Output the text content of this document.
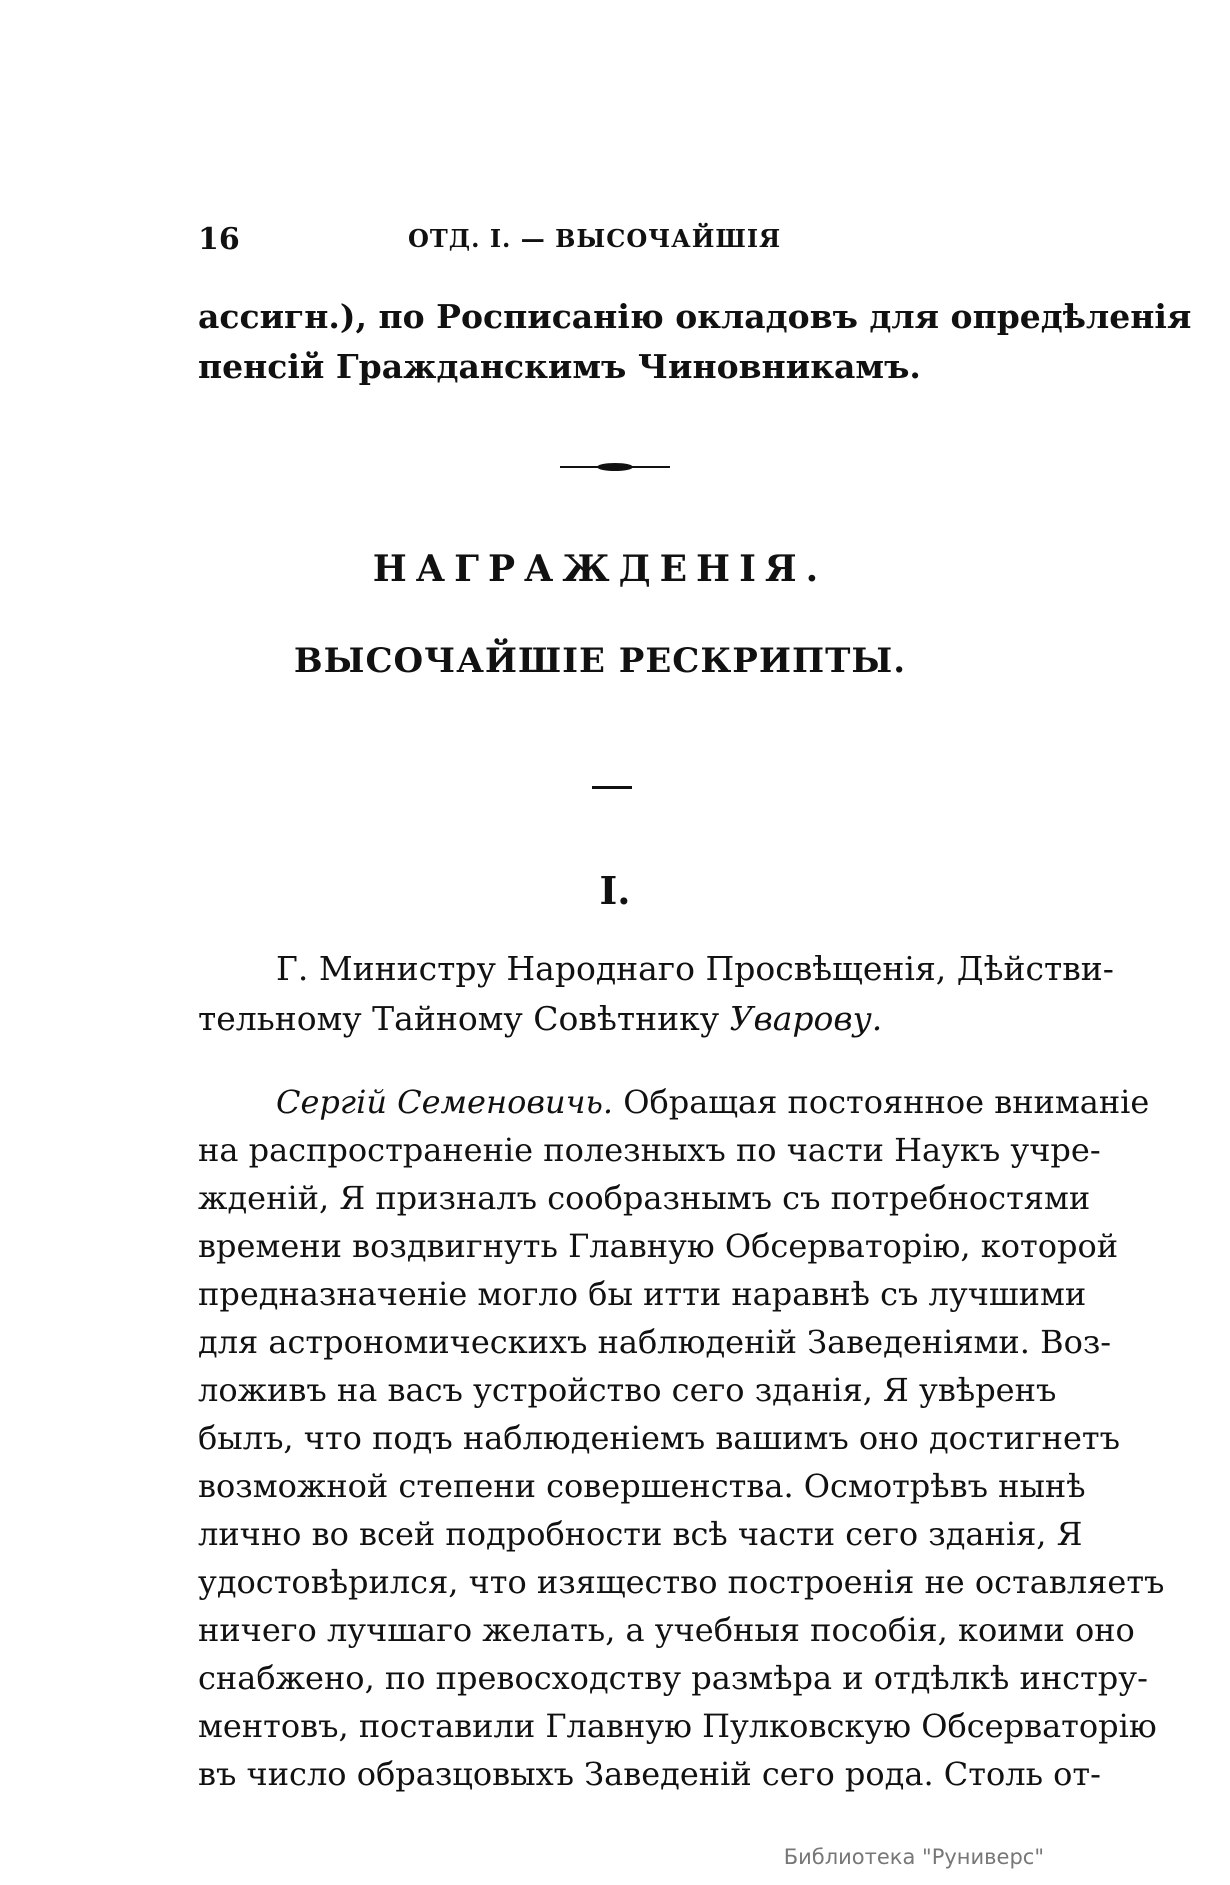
16	ОТД. I. — ВЫСОЧАЙШІЯ
ассигн.), по Росписанію окладовъ для опредѣленія
пенсій Гражданскимъ Чиновникамъ.
НАГРАЖДЕНІЯ.
ВЫСОЧАЙШІЕ РЕСКРИПТЫ.
I.
Г. Министру Народнаго Просвѣщенія, Дѣйстви-
тельному Тайному Совѣтнику Уварову.
Сергій Семеновичь. Обращая постоянное вниманіе
на распространеніе полезныхъ по части Наукъ учре-
жденій, Я призналъ сообразнымъ съ потребностями
времени воздвигнуть Главную Обсерваторію, которой
предназначеніе могло бы итти наравнѣ съ лучшими
для астрономическихъ наблюденій Заведеніями. Воз-
ложивъ на васъ устройство сего зданія, Я увѣренъ
былъ, что подъ наблюденіемъ вашимъ оно достигнетъ
возможной степени совершенства. Осмотрѣвъ нынѣ
лично во всей подробности всѣ части сего зданія, Я
удостовѣрился, что изящество построенія не оставляетъ
ничего лучшаго желать, а учебныя пособія, коими оно
снабжено, по превосходству размѣра и отдѣлкѣ инстру-
ментовъ, поставили Главную Пулковскую Обсерваторію
въ число образцовыхъ Заведеній сего рода. Столь от-
Библиотека "Руниверс"
